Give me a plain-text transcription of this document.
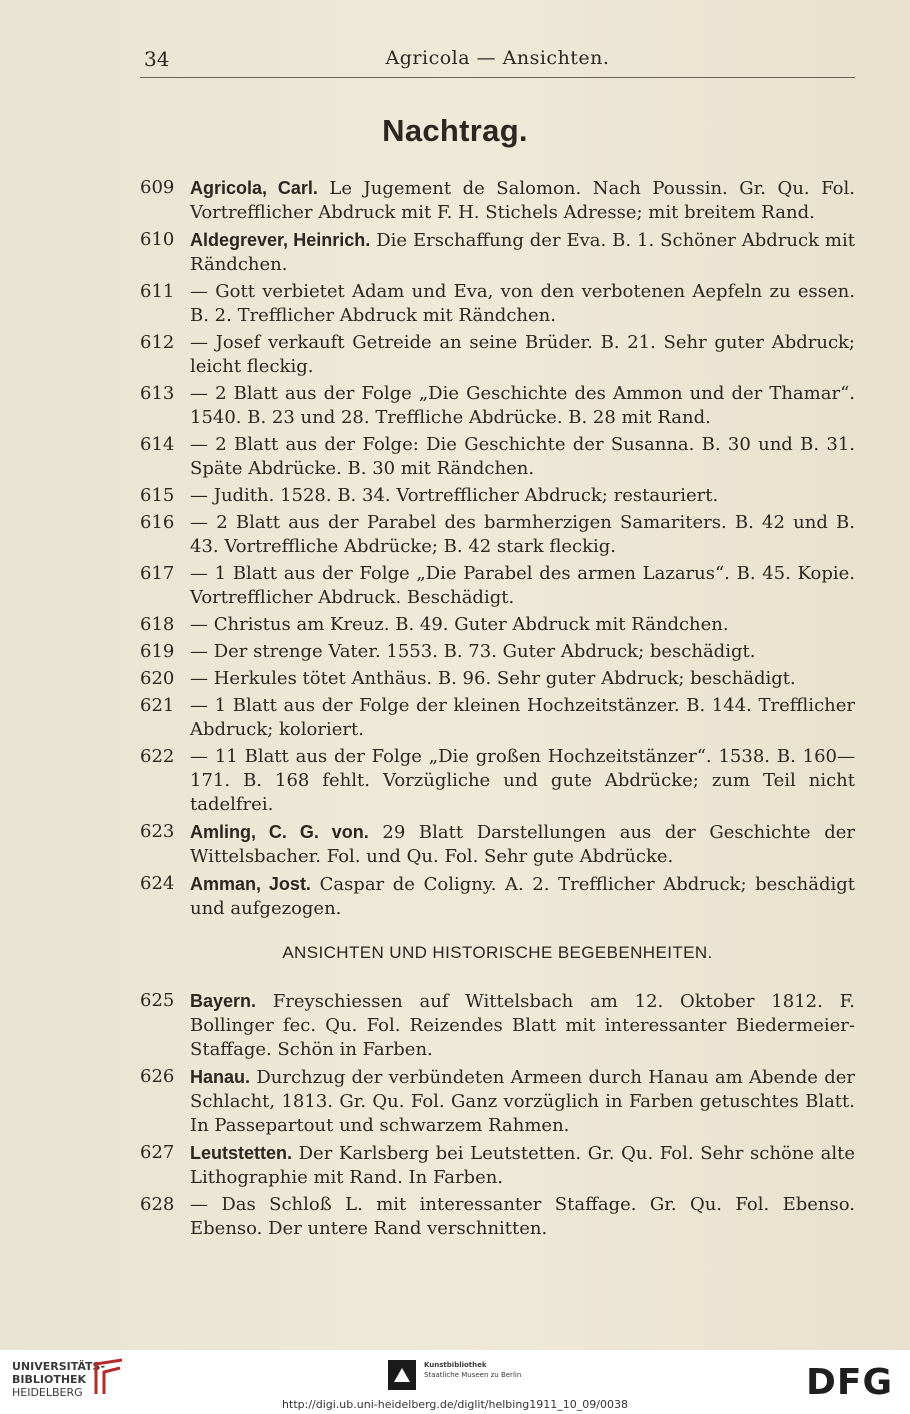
34	Agricola — Ansichten.
Nachtrag.
609 Agricola, Carl. Le Jugement de Salomon. Nach Poussin. Gr. Qu. Fol. Vortrefflicher Abdruck mit F. H. Stichels Adresse; mit breitem Rand.
610 Aldegrever, Heinrich. Die Erschaffung der Eva. B. 1. Schöner Abdruck mit Rändchen.
611 — Gott verbietet Adam und Eva, von den verbotenen Aepfeln zu essen. B. 2. Trefflicher Abdruck mit Rändchen.
612 — Josef verkauft Getreide an seine Brüder. B. 21. Sehr guter Abdruck; leicht fleckig.
613 — 2 Blatt aus der Folge „Die Geschichte des Ammon und der Thamar“. 1540. B. 23 und 28. Treffliche Abdrücke. B. 28 mit Rand.
614 — 2 Blatt aus der Folge: Die Geschichte der Susanna. B. 30 und B. 31. Späte Abdrücke. B. 30 mit Rändchen.
615 — Judith. 1528. B. 34. Vortrefflicher Abdruck; restauriert.
616 — 2 Blatt aus der Parabel des barmherzigen Samariters. B. 42 und B. 43. Vortreffliche Abdrücke; B. 42 stark fleckig.
617 — 1 Blatt aus der Folge „Die Parabel des armen Lazarus“. B. 45. Kopie. Vortrefflicher Abdruck. Beschädigt.
618 — Christus am Kreuz. B. 49. Guter Abdruck mit Rändchen.
619 — Der strenge Vater. 1553. B. 73. Guter Abdruck; beschädigt.
620 — Herkules tötet Anthäus. B. 96. Sehr guter Abdruck; beschädigt.
621 — 1 Blatt aus der Folge der kleinen Hochzeitstänzer. B. 144. Trefflicher Abdruck; koloriert.
622 — 11 Blatt aus der Folge „Die großen Hochzeitstänzer“. 1538. B. 160—171. B. 168 fehlt. Vorzügliche und gute Abdrücke; zum Teil nicht tadelfrei.
623 Amling, C. G. von. 29 Blatt Darstellungen aus der Geschichte der Wittelsbacher. Fol. und Qu. Fol. Sehr gute Abdrücke.
624 Amman, Jost. Caspar de Coligny. A. 2. Trefflicher Abdruck; beschädigt und aufgezogen.
ANSICHTEN UND HISTORISCHE BEGEBENHEITEN.
625 Bayern. Freyschiessen auf Wittelsbach am 12. Oktober 1812. F. Bollinger fec. Qu. Fol. Reizendes Blatt mit interessanter Biedermeier-Staffage. Schön in Farben.
626 Hanau. Durchzug der verbündeten Armeen durch Hanau am Abende der Schlacht, 1813. Gr. Qu. Fol. Ganz vorzüglich in Farben getuschtes Blatt. In Passepartout und schwarzem Rahmen.
627 Leutstetten. Der Karlsberg bei Leutstetten. Gr. Qu. Fol. Sehr schöne alte Lithographie mit Rand. In Farben.
628 — Das Schloß L. mit interessanter Staffage. Gr. Qu. Fol. Ebenso. Ebenso. Der untere Rand verschnitten.
UNIVERSITÄTS-
BIBLIOTHEK
HEIDELBERG
Kunstbibliothek
Staatliche Museen zu Berlin	DFG
http://digi.ub.uni-heidelberg.de/diglit/helbing1911_10_09/0038
